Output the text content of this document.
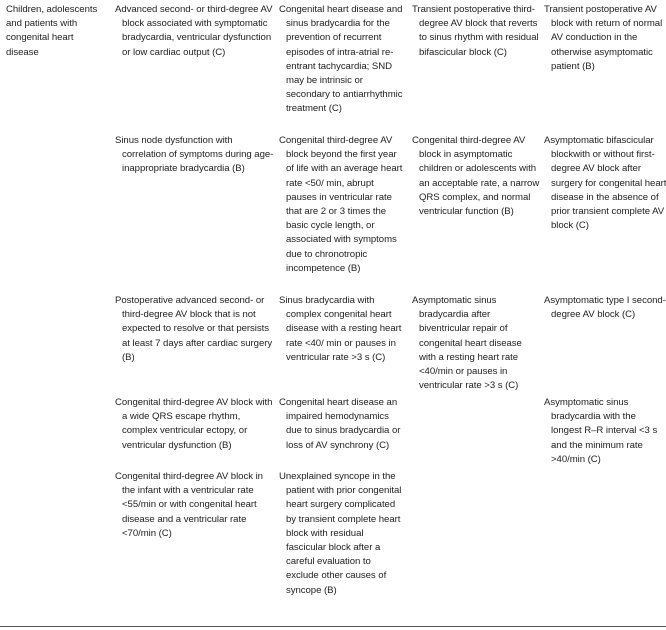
Children, adolescents and patients with congenital heart disease
Advanced second- or third-degree AV block associated with symptomatic bradycardia, ventricular dysfunction or low cardiac output (C)
Congenital heart disease and sinus bradycardia for the prevention of recurrent episodes of intra-atrial re-entrant tachycardia; SND may be intrinsic or secondary to antiarrhythmic treatment (C)
Transient postoperative third-degree AV block that reverts to sinus rhythm with residual bifascicular block (C)
Transient postoperative AV block with return of normal AV conduction in the otherwise asymptomatic patient (B)
Sinus node dysfunction with correlation of symptoms during age-inappropriate bradycardia (B)
Congenital third-degree AV block beyond the first year of life with an average heart rate <50/ min, abrupt pauses in ventricular rate that are 2 or 3 times the basic cycle length, or associated with symptoms due to chronotropic incompetence (B)
Congenital third-degree AV block in asymptomatic children or adolescents with an acceptable rate, a narrow QRS complex, and normal ventricular function (B)
Asymptomatic bifascicular blockwith or without first-degree AV block after surgery for congenital heart disease in the absence of prior transient complete AV block (C)
Postoperative advanced second- or third-degree AV block that is not expected to resolve or that persists at least 7 days after cardiac surgery (B)
Sinus bradycardia with complex congenital heart disease with a resting heart rate <40/ min or pauses in ventricular rate >3 s (C)
Asymptomatic sinus bradycardia after biventricular repair of congenital heart disease with a resting heart rate <40/min or pauses in ventricular rate >3 s (C)
Asymptomatic type I second-degree AV block (C)
Congenital third-degree AV block with a wide QRS escape rhythm, complex ventricular ectopy, or ventricular dysfunction (B)
Congenital heart disease an impaired hemodynamics due to sinus bradycardia or loss of AV synchrony (C)
Asymptomatic sinus bradycardia with the longest R–R interval <3 s and the minimum rate >40/min (C)
Congenital third-degree AV block in the infant with a ventricular rate <55/min or with congenital heart disease and a ventricular rate <70/min (C)
Unexplained syncope in the patient with prior congenital heart surgery complicated by transient complete heart block with residual fascicular block after a careful evaluation to exclude other causes of syncope (B)
